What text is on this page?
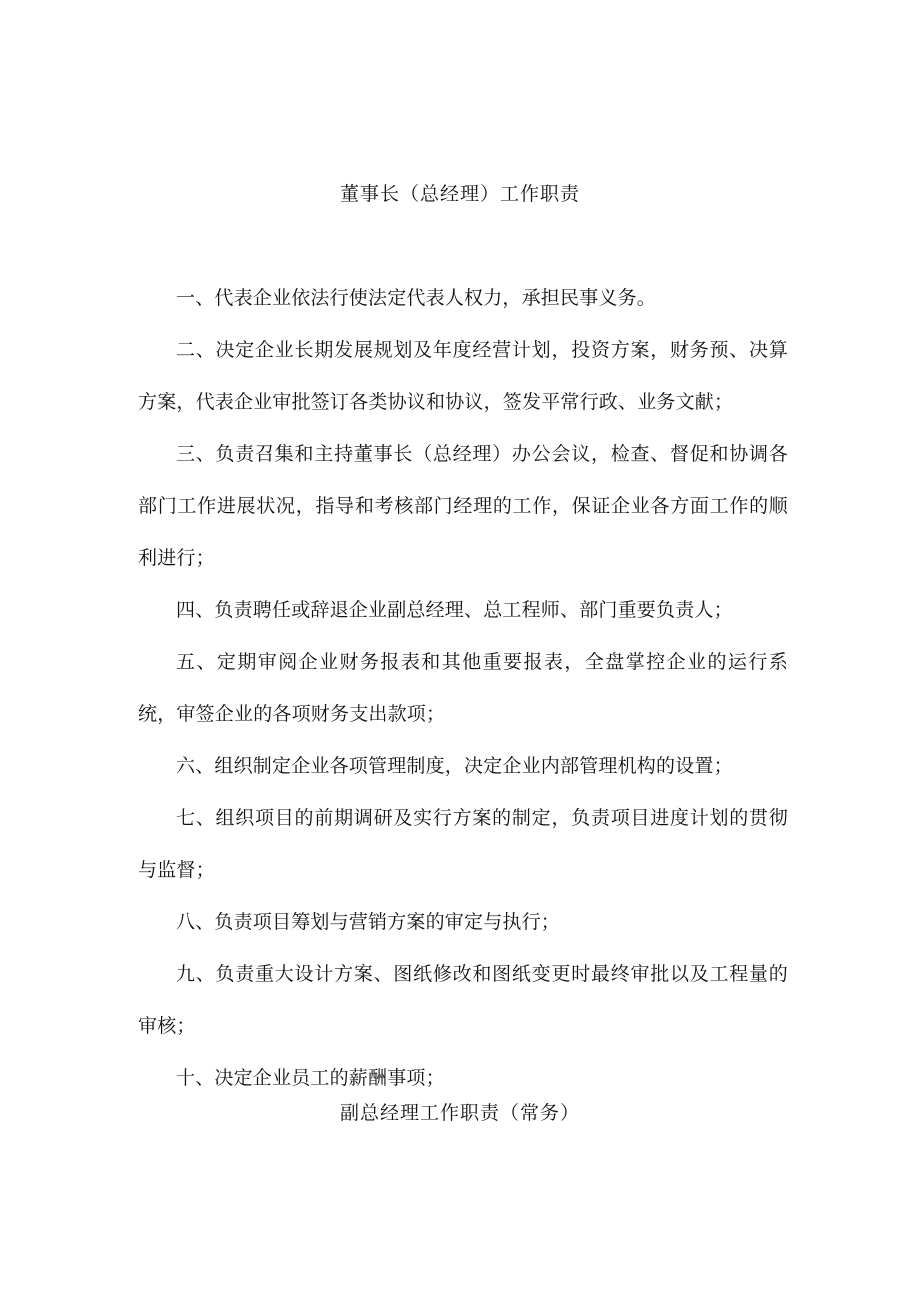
董事长（总经理）工作职责

一、代表企业依法行使法定代表人权力，承担民事义务。

二、决定企业长期发展规划及年度经营计划，投资方案，财务预、决算方案，代表企业审批签订各类协议和协议，签发平常行政、业务文献；

三、负责召集和主持董事长（总经理）办公会议，检查、督促和协调各部门工作进展状况，指导和考核部门经理的工作，保证企业各方面工作的顺利进行；

四、负责聘任或辞退企业副总经理、总工程师、部门重要负责人；

五、定期审阅企业财务报表和其他重要报表，全盘掌控企业的运行系统，审签企业的各项财务支出款项；

六、组织制定企业各项管理制度，决定企业内部管理机构的设置；

七、组织项目的前期调研及实行方案的制定，负责项目进度计划的贯彻与监督；

八、负责项目筹划与营销方案的审定与执行；

九、负责重大设计方案、图纸修改和图纸变更时最终审批以及工程量的审核；

十、决定企业员工的薪酬事项；

副总经理工作职责（常务）
